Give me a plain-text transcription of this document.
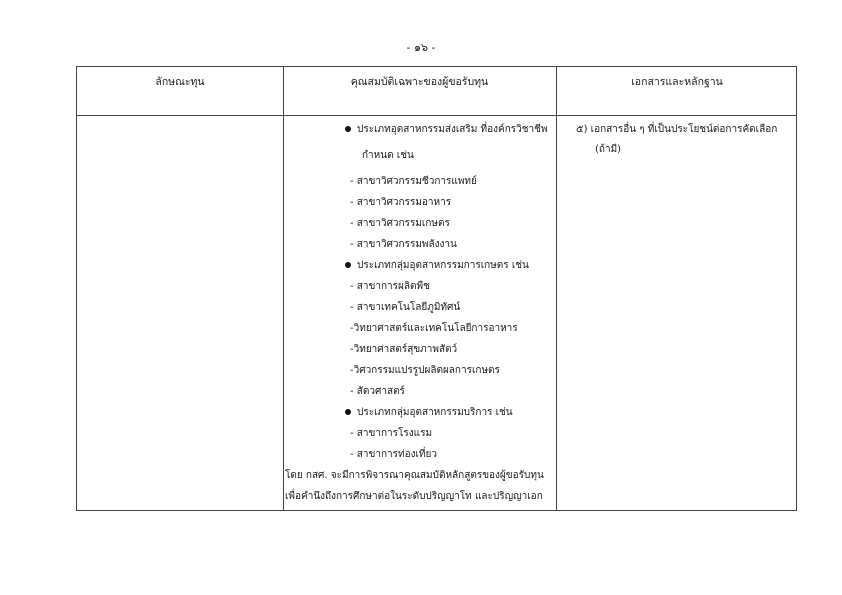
- ๑๖ -
ลักษณะทุน	คุณสมบัติเฉพาะของผู้ขอรับทุน	เอกสารและหลักฐาน
ประเภทอุตสาหกรรมส่งเสริม ที่องค์กรวิชาชีพ
กำหนด เช่น
- สาขาวิศวกรรมชีวการแพทย์
- สาขาวิศวกรรมอาหาร
- สาขาวิศวกรรมเกษตร
- สาขาวิศวกรรมพลังงาน
ประเภทกลุ่มอุตสาหกรรมการเกษตร เช่น
- สาขาการผลิตพืช
- สาขาเทคโนโลยีภูมิทัศน์
-วิทยาศาสตร์และเทคโนโลยีการอาหาร
-วิทยาศาสตร์สุขภาพสัตว์
-วิศวกรรมแปรรูปผลิตผลการเกษตร
- สัตวศาสตร์
ประเภทกลุ่มอุตสาหกรรมบริการ เช่น
- สาขาการโรงแรม
- สาขาการท่องเที่ยว
โดย กสศ. จะมีการพิจารณาคุณสมบัติหลักสูตรของผู้ขอรับทุน
เพื่อคำนึงถึงการศึกษาต่อในระดับปริญญาโท และปริญญาเอก
๕) เอกสารอื่น ๆ ที่เป็นประโยชน์ต่อการคัดเลือก
(ถ้ามี)
